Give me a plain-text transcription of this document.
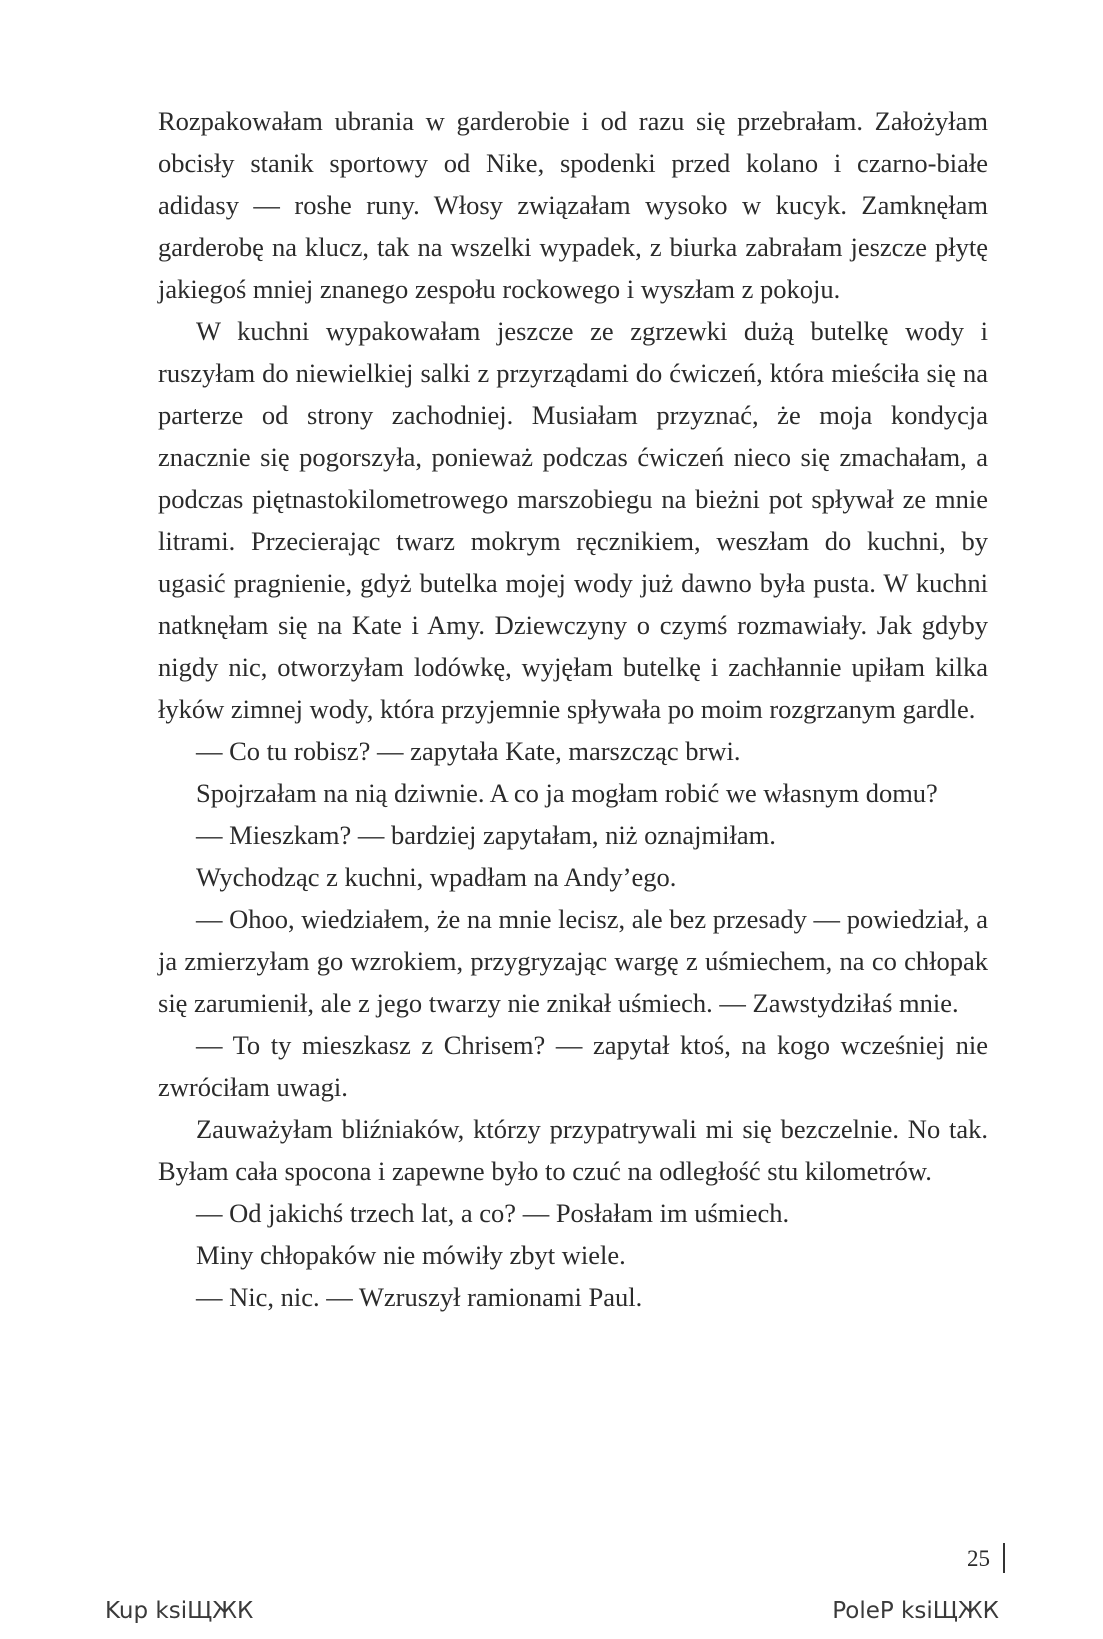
Rozpakowałam ubrania w garderobie i od razu się przebrałam. Założyłam obcisły stanik sportowy od Nike, spodenki przed kolano i czarno-białe adidasy — roshe runy. Włosy związałam wysoko w kucyk. Zamknęłam garderobę na klucz, tak na wszelki wypadek, z biurka zabrałam jeszcze płytę jakiegoś mniej znanego zespołu rockowego i wyszłam z pokoju.

W kuchni wypakowałam jeszcze ze zgrzewki dużą butelkę wody i ruszyłam do niewielkiej salki z przyrządami do ćwiczeń, która mieściła się na parterze od strony zachodniej. Musiałam przyznać, że moja kondycja znacznie się pogorszyła, ponieważ podczas ćwiczeń nieco się zmachałam, a podczas piętnastokilometrowego marszobiegu na bieżni pot spływał ze mnie litrami. Przecierając twarz mokrym ręcznikiem, weszłam do kuchni, by ugasić pragnienie, gdyż butelka mojej wody już dawno była pusta. W kuchni natknęłam się na Kate i Amy. Dziewczyny o czymś rozmawiały. Jak gdyby nigdy nic, otworzyłam lodówkę, wyjęłam butelkę i zachłannie upiłam kilka łyków zimnej wody, która przyjemnie spływała po moim rozgrzanym gardle.

— Co tu robisz? — zapytała Kate, marszcząc brwi.

Spojrzałam na nią dziwnie. A co ja mogłam robić we własnym domu?

— Mieszkam? — bardziej zapytałam, niż oznajmiłam.

Wychodząc z kuchni, wpadłam na Andy’ego.

— Ohoo, wiedziałem, że na mnie lecisz, ale bez przesady — powiedział, a ja zmierzyłam go wzrokiem, przygryzając wargę z uśmiechem, na co chłopak się zarumienił, ale z jego twarzy nie znikał uśmiech. — Zawstydziłaś mnie.

— To ty mieszkasz z Chrisem? — zapytał ktoś, na kogo wcześniej nie zwróciłam uwagi.

Zauważyłam bliźniaków, którzy przypatrywali mi się bezczelnie. No tak. Byłam cała spocona i zapewne było to czuć na odległość stu kilometrów.

— Od jakichś trzech lat, a co? — Posłałam im uśmiech.

Miny chłopaków nie mówiły zbyt wiele.

— Nic, nic. — Wzruszył ramionami Paul.

25
Kup ksiЩЖК	PoleР ksiЩЖК
